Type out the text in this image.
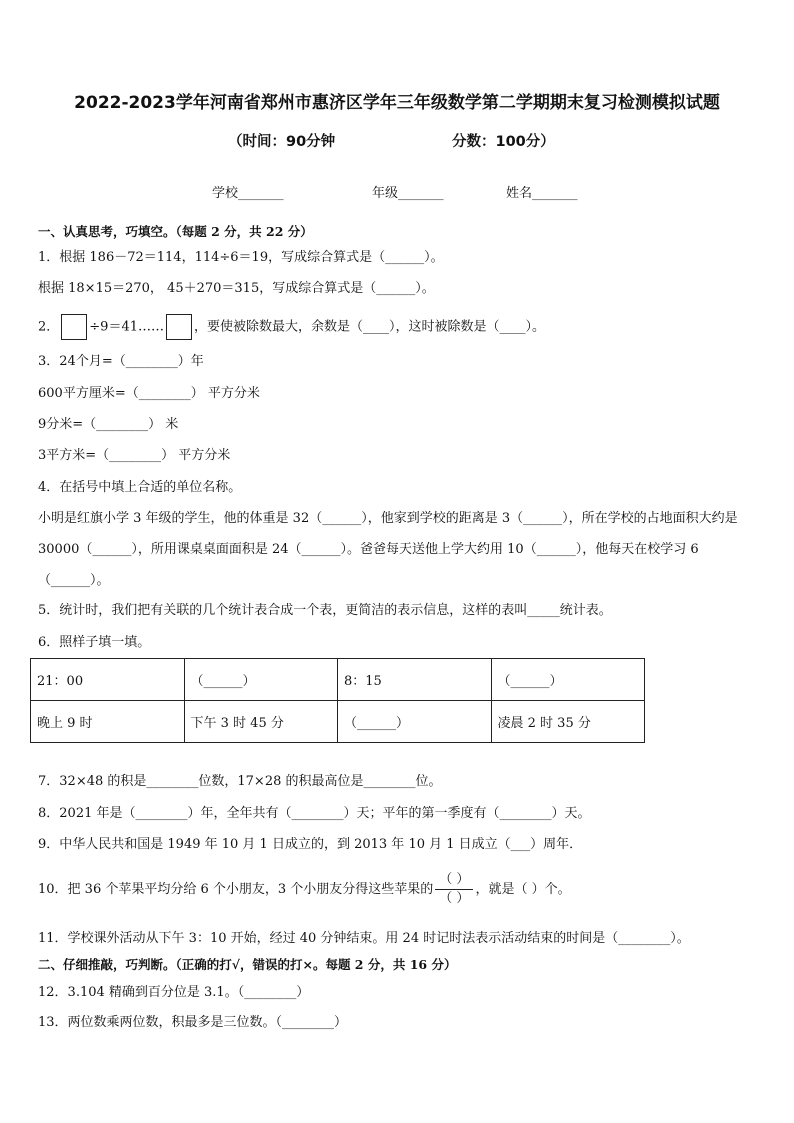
2022-2023学年河南省郑州市惠济区学年三年级数学第二学期期末复习检测模拟试题
（时间：90分钟	分数：100分）
学校_______	年级_______	姓名_______
一、认真思考，巧填空。（每题 2 分，共 22 分）
1．根据 186－72＝114，114÷6＝19，写成综合算式是（______）。
根据 18×15＝270， 45＋270＝315，写成综合算式是（______）。
2． ÷9＝41…… ，要使被除数最大，余数是（____），这时被除数是（____）。
3．24个月=（________）年
600平方厘米=（________） 平方分米
9分米=（________） 米
3平方米=（________） 平方分米
4．在括号中填上合适的单位名称。
小明是红旗小学 3 年级的学生，他的体重是 32（______），他家到学校的距离是 3（______），所在学校的占地面积大约是 30000（______），所用课桌桌面面积是 24（______）。爸爸每天送他上学大约用 10（______），他每天在校学习 6（______）。
5．统计时，我们把有关联的几个统计表合成一个表，更简洁的表示信息，这样的表叫_____统计表。
6．照样子填一填。
21：00	（______）	8：15	（______）
晚上 9 时	下午 3 时 45 分	（______）	凌晨 2 时 35 分
7．32×48 的积是________位数，17×28 的积最高位是________位。
8．2021 年是（________）年，全年共有（________）天；平年的第一季度有（________）天。
9．中华人民共和国是 1949 年 10 月 1 日成立的，到 2013 年 10 月 1 日成立（___）周年．
10．把 36 个苹果平均分给 6 个小朋友，3 个小朋友分得这些苹果的 $\frac{( )}{( )}$ ，就是（ ）个。
11．学校课外活动从下午 3：10 开始，经过 40 分钟结束。用 24 时记时法表示活动结束的时间是（________）。
二、仔细推敲，巧判断。（正确的打√，错误的打×。每题 2 分，共 16 分）
12．3.104 精确到百分位是 3.1。（________）
13．两位数乘两位数，积最多是三位数。（________）
